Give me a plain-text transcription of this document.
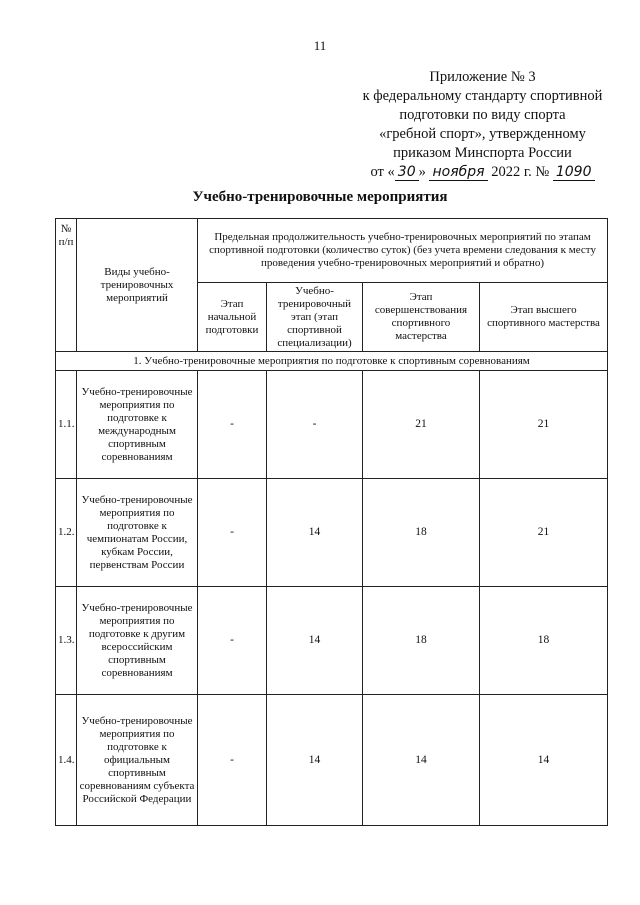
11
Приложение № 3
к федеральному стандарту спортивной
подготовки по виду спорта
«гребной спорт», утвержденному
приказом Минспорта России
от « 30 » ноября 2022 г. № 1090
Учебно-тренировочные мероприятия
№ п/п	Виды учебно-тренировочных мероприятий	Предельная продолжительность учебно-тренировочных мероприятий по этапам спортивной подготовки (количество суток) (без учета времени следования к месту проведения учебно-тренировочных мероприятий и обратно)			
		Этап начальной подготовки	Учебно-тренировочный этап (этап спортивной специализации)	Этап совершенствования спортивного мастерства	Этап высшего спортивного мастерства
1. Учебно-тренировочные мероприятия по подготовке к спортивным соревнованиям					
1.1.	Учебно-тренировочные мероприятия по подготовке к международным спортивным соревнованиям	-	-	21	21
1.2.	Учебно-тренировочные мероприятия по подготовке к чемпионатам России, кубкам России, первенствам России	-	14	18	21
1.3.	Учебно-тренировочные мероприятия по подготовке к другим всероссийским спортивным соревнованиям	-	14	18	18
1.4.	Учебно-тренировочные мероприятия по подготовке к официальным спортивным соревнованиям субъекта Российской Федерации	-	14	14	14
